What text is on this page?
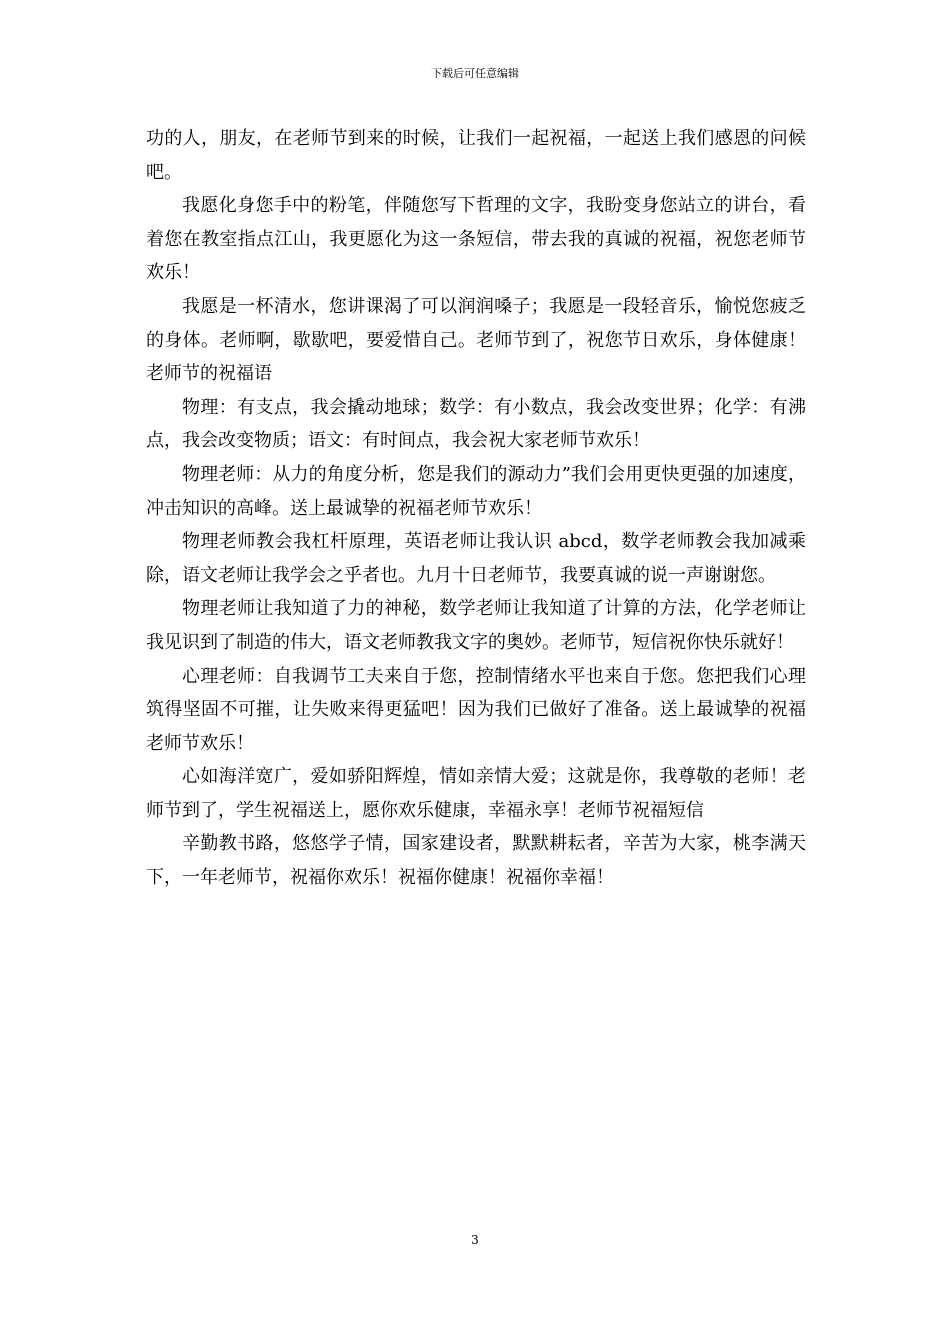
下载后可任意编辑

功的人，朋友，在老师节到来的时候，让我们一起祝福，一起送上我们感恩的问候吧。

我愿化身您手中的粉笔，伴随您写下哲理的文字，我盼变身您站立的讲台，看着您在教室指点江山，我更愿化为这一条短信，带去我的真诚的祝福，祝您老师节欢乐！

我愿是一杯清水，您讲课渴了可以润润嗓子；我愿是一段轻音乐，愉悦您疲乏的身体。老师啊，歇歇吧，要爱惜自己。老师节到了，祝您节日欢乐，身体健康！老师节的祝福语

物理：有支点，我会撬动地球；数学：有小数点，我会改变世界；化学：有沸点，我会改变物质；语文：有时间点，我会祝大家老师节欢乐！

物理老师：从力的角度分析，您是我们的源动力”我们会用更快更强的加速度，冲击知识的高峰。送上最诚挚的祝福老师节欢乐！

物理老师教会我杠杆原理，英语老师让我认识 abcd，数学老师教会我加减乘除，语文老师让我学会之乎者也。九月十日老师节，我要真诚的说一声谢谢您。

物理老师让我知道了力的神秘，数学老师让我知道了计算的方法，化学老师让我见识到了制造的伟大，语文老师教我文字的奥妙。老师节，短信祝你快乐就好！

心理老师：自我调节工夫来自于您，控制情绪水平也来自于您。您把我们心理筑得坚固不可摧，让失败来得更猛吧！因为我们已做好了准备。送上最诚挚的祝福老师节欢乐！

心如海洋宽广，爱如骄阳辉煌，情如亲情大爱；这就是你，我尊敬的老师！老师节到了，学生祝福送上，愿你欢乐健康，幸福永享！老师节祝福短信

辛勤教书路，悠悠学子情，国家建设者，默默耕耘者，辛苦为大家，桃李满天下，一年老师节，祝福你欢乐！祝福你健康！祝福你幸福！

3
